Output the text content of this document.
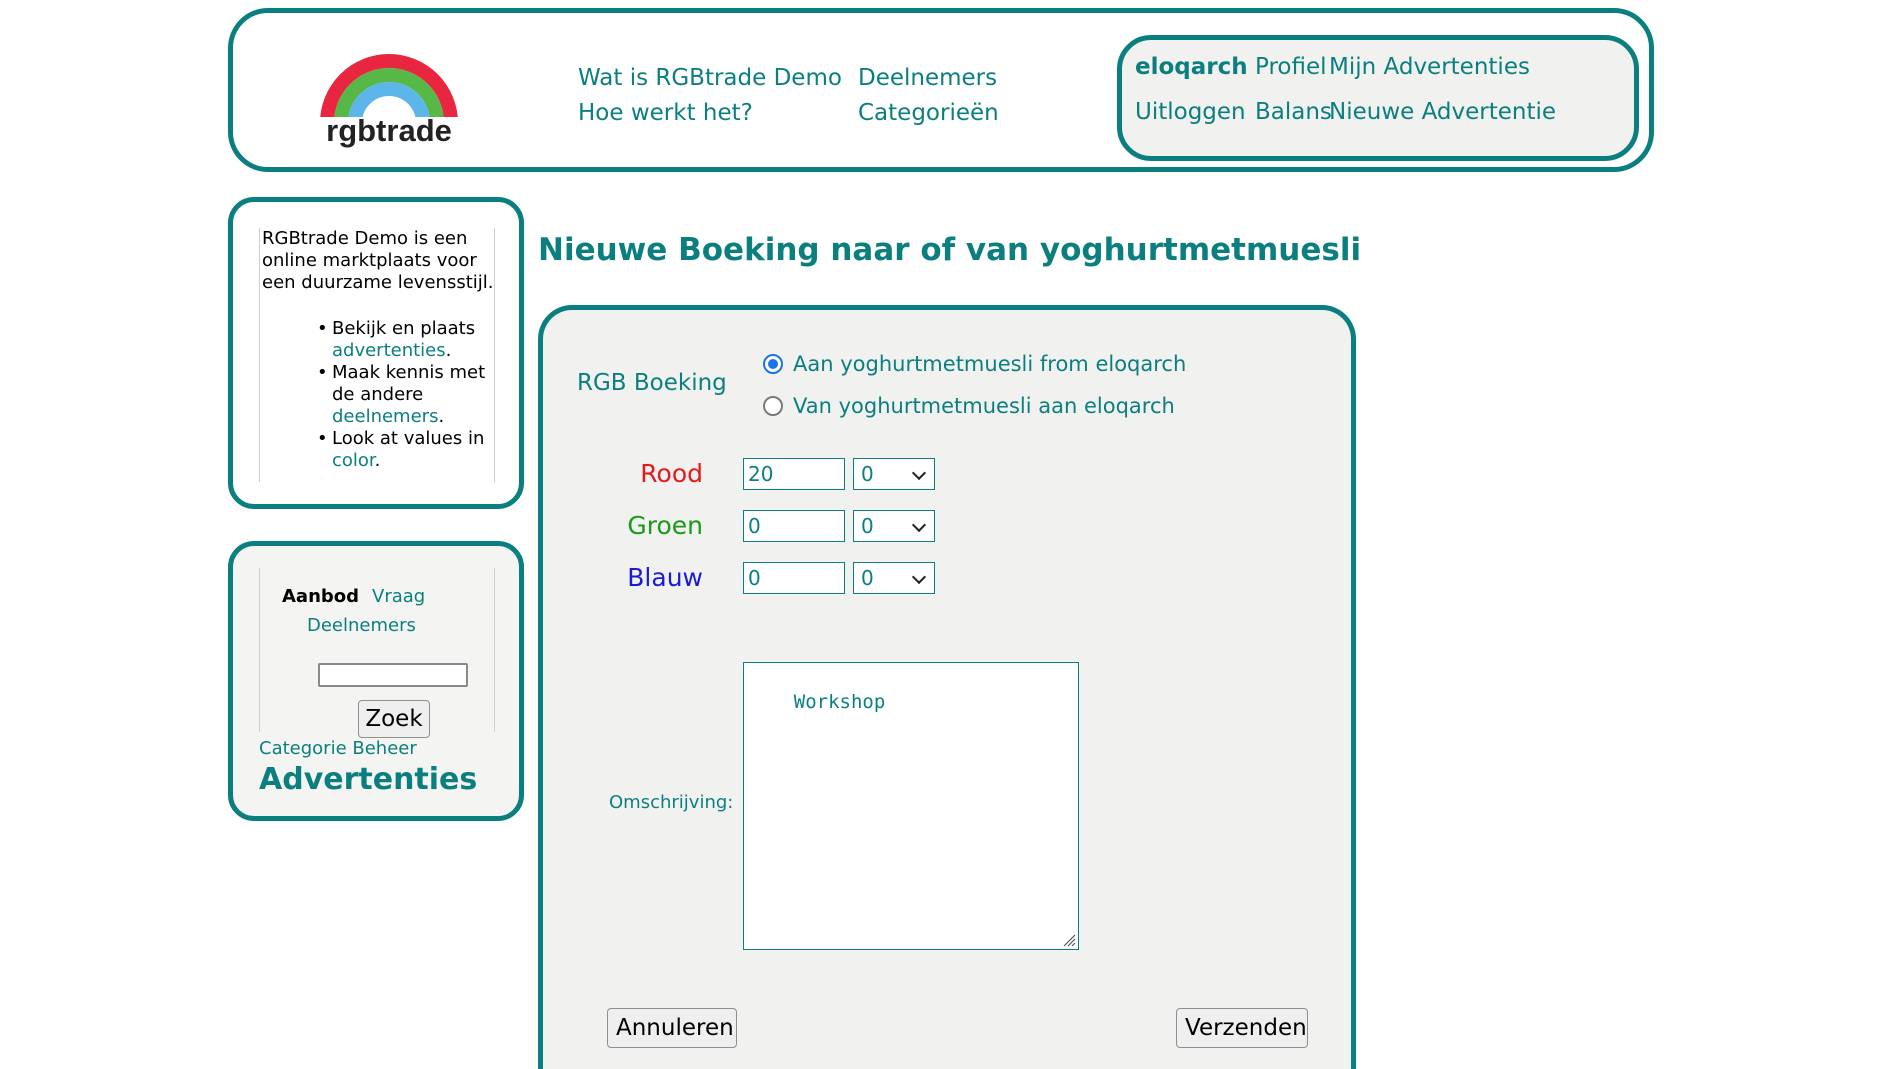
rgbtrade
Wat is RGBtrade Demo
Hoe werkt het?
Deelnemers
Categorieën
eloqarch Profiel Mijn Advertenties
Uitloggen Balans
Nieuwe Advertentie

RGBtrade Demo is een online marktplaats voor een duurzame levensstijl.

• Bekijk en plaats advertenties.
• Maak kennis met de andere deelnemers.
• Look at values in color.
Aanbod Vraag
Deelnemers
Zoek
Categorie Beheer
Advertenties
Nieuwe Boeking naar of van yoghurtmetmuesli
RGB Boeking
Aan yoghurtmetmuesli from eloqarch
Van yoghurtmetmuesli aan eloqarch
Rood 20	0
Groen 0	0
Blauw 0	0
Omschrijving:

Workshop

Annuleren	Verzenden
